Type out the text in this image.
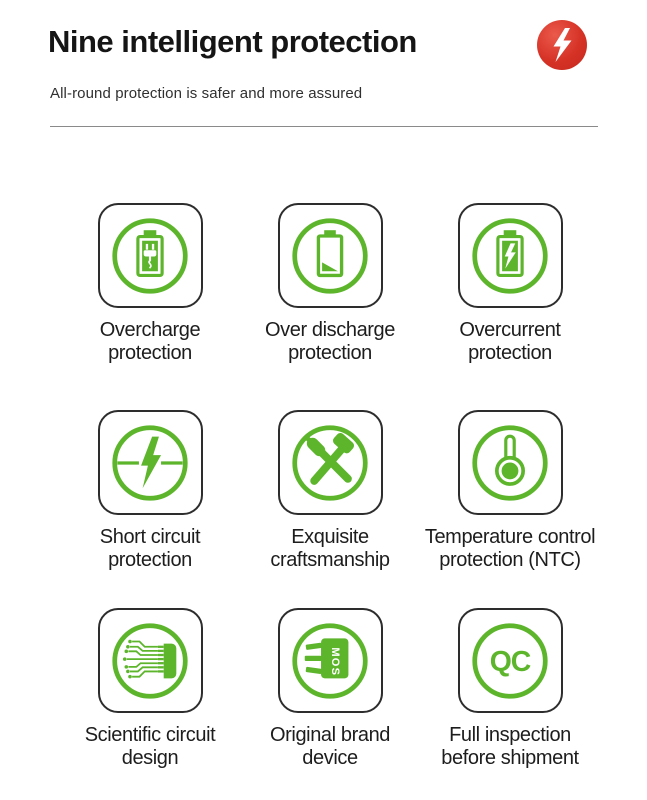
Nine intelligent protection

All-round protection is safer and more assured

Overcharge
protection
Over discharge
protection
Overcurrent
protection
Short circuit
protection
Exquisite
craftsmanship
Temperature control
protection (NTC)
Scientific circuit
design
MOS
Original brand
device
QC
Full inspection
before shipment
